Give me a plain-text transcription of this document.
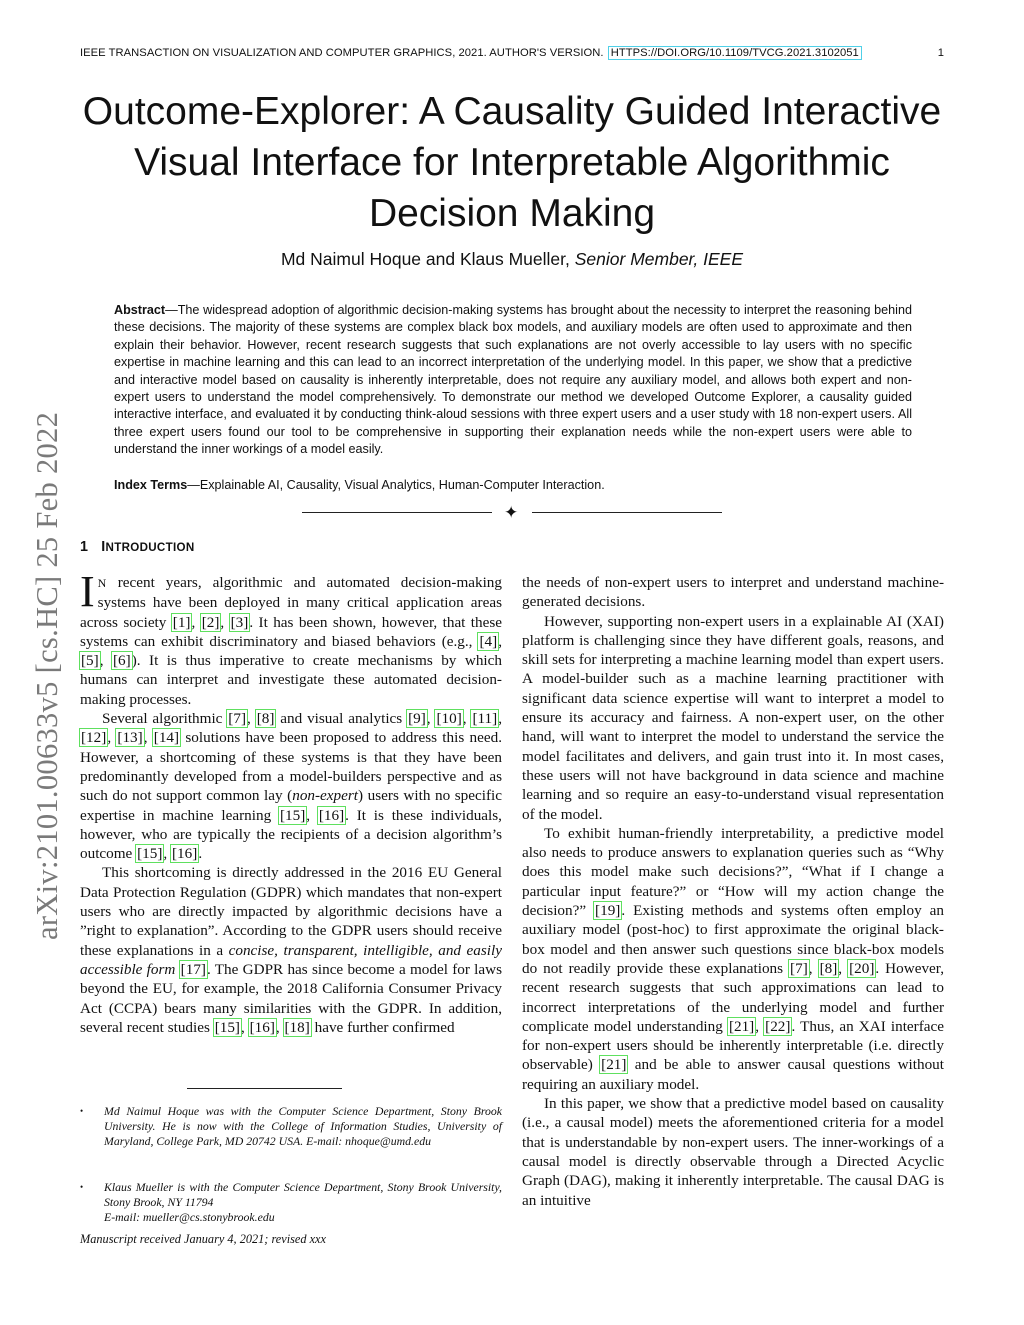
IEEE TRANSACTION ON VISUALIZATION AND COMPUTER GRAPHICS, 2021. AUTHOR'S VERSION. HTTPS://DOI.ORG/10.1109/TVCG.2021.3102051	1
Outcome-Explorer: A Causality Guided Interactive Visual Interface for Interpretable Algorithmic Decision Making
Md Naimul Hoque and Klaus Mueller, Senior Member, IEEE
Abstract—The widespread adoption of algorithmic decision-making systems has brought about the necessity to interpret the reasoning behind these decisions. The majority of these systems are complex black box models, and auxiliary models are often used to approximate and then explain their behavior. However, recent research suggests that such explanations are not overly accessible to lay users with no specific expertise in machine learning and this can lead to an incorrect interpretation of the underlying model. In this paper, we show that a predictive and interactive model based on causality is inherently interpretable, does not require any auxiliary model, and allows both expert and non-expert users to understand the model comprehensively. To demonstrate our method we developed Outcome Explorer, a causality guided interactive interface, and evaluated it by conducting think-aloud sessions with three expert users and a user study with 18 non-expert users. All three expert users found our tool to be comprehensive in supporting their explanation needs while the non-expert users were able to understand the inner workings of a model easily.
Index Terms—Explainable AI, Causality, Visual Analytics, Human-Computer Interaction.
✦
arXiv:2101.00633v5 [cs.HC] 25 Feb 2022 1 INTRODUCTION

I N recent years, algorithmic and automated decision-making systems have been deployed in many critical application areas across society [1], [2], [3]. It has been shown, however, that these systems can exhibit discriminatory and biased behaviors (e.g., [4], [5], [6]). It is thus imperative to create mechanisms by which humans can interpret and investigate these automated decision-making processes.

Several algorithmic [7], [8] and visual analytics [9], [10], [11], [12], [13], [14] solutions have been proposed to address this need. However, a shortcoming of these systems is that they have been predominantly developed from a model-builders perspective and as such do not support common lay (non-expert) users with no specific expertise in machine learning [15], [16]. It is these individuals, however, who are typically the recipients of a decision algorithm’s outcome [15], [16].

This shortcoming is directly addressed in the 2016 EU General Data Protection Regulation (GDPR) which mandates that non-expert users who are directly impacted by algorithmic decisions have a ”right to explanation”. According to the GDPR users should receive these explanations in a concise, transparent, intelligible, and easily accessible form [17]. The GDPR has since become a model for laws beyond the EU, for example, the 2018 California Consumer Privacy Act (CCPA) bears many similarities with the GDPR. In addition, several recent studies [15], [16], [18] have further confirmed

the needs of non-expert users to interpret and understand machine-generated decisions.

However, supporting non-expert users in a explainable AI (XAI) platform is challenging since they have different goals, reasons, and skill sets for interpreting a machine learning model than expert users. A model-builder such as a machine learning practitioner with significant data science expertise will want to interpret a model to ensure its accuracy and fairness. A non-expert user, on the other hand, will want to interpret the model to understand the service the model facilitates and delivers, and gain trust into it. In most cases, these users will not have background in data science and machine learning and so require an easy-to-understand visual representation of the model.

To exhibit human-friendly interpretability, a predictive model also needs to produce answers to explanation queries such as “Why does this model make such decisions?”, “What if I change a particular input feature?” or “How will my action change the decision?” [19]. Existing methods and systems often employ an auxiliary model (post-hoc) to first approximate the original black-box model and then answer such questions since black-box models do not readily provide these explanations [7], [8], [20]. However, recent research suggests that such approximations can lead to incorrect interpretations of the underlying model and further complicate model understanding [21], [22]. Thus, an XAI interface for non-expert users should be inherently interpretable (i.e. directly observable) [21] and be able to answer causal questions without requiring an auxiliary model.

In this paper, we show that a predictive model based on causality (i.e., a causal model) meets the aforementioned criteria for a model that is understandable by non-expert users. The inner-workings of a causal model is directly observable through a Directed Acyclic Graph (DAG), making it inherently interpretable. The causal DAG is an intuitive

•	Md Naimul Hoque was with the Computer Science Department, Stony Brook University. He is now with the College of Information Studies, University of Maryland, College Park, MD 20742 USA. E-mail: nhoque@umd.edu
•	Klaus Mueller is with the Computer Science Department, Stony Brook University, Stony Brook, NY 11794
E-mail: mueller@cs.stonybrook.edu
Manuscript received January 4, 2021; revised xxx
